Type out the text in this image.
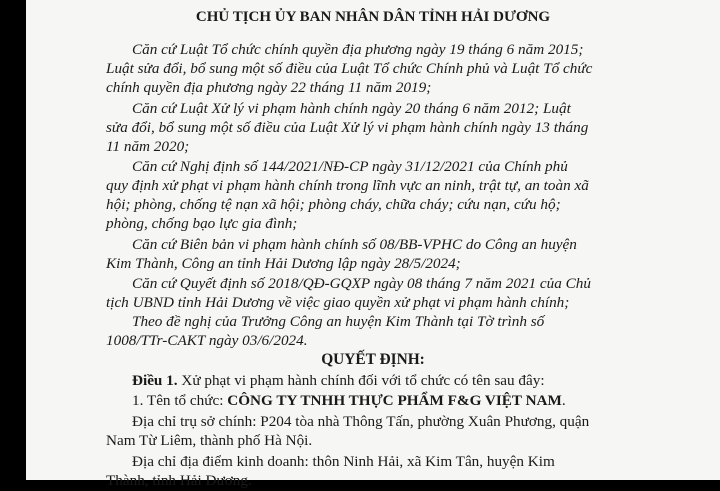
CHỦ TỊCH ỦY BAN NHÂN DÂN TỈNH HẢI DƯƠNG
Căn cứ Luật Tổ chức chính quyền địa phương ngày 19 tháng 6 năm 2015;
Luật sửa đổi, bổ sung một số điều của Luật Tổ chức Chính phủ và Luật Tổ chức
chính quyền địa phương ngày 22 tháng 11 năm 2019;
Căn cứ Luật Xử lý vi phạm hành chính ngày 20 tháng 6 năm 2012; Luật
sửa đổi, bổ sung một số điều của Luật Xử lý vi phạm hành chính ngày 13 tháng
11 năm 2020;
Căn cứ Nghị định số 144/2021/NĐ-CP ngày 31/12/2021 của Chính phủ
quy định xử phạt vi phạm hành chính trong lĩnh vực an ninh, trật tự, an toàn xã
hội; phòng, chống tệ nạn xã hội; phòng cháy, chữa cháy; cứu nạn, cứu hộ;
phòng, chống bạo lực gia đình;
Căn cứ Biên bản vi phạm hành chính số 08/BB-VPHC do Công an huyện
Kim Thành, Công an tỉnh Hải Dương lập ngày 28/5/2024;
Căn cứ Quyết định số 2018/QĐ-GQXP ngày 08 tháng 7 năm 2021 của Chủ
tịch UBND tỉnh Hải Dương về việc giao quyền xử phạt vi phạm hành chính;
Theo đề nghị của Trưởng Công an huyện Kim Thành tại Tờ trình số
1008/TTr-CAKT ngày 03/6/2024.
QUYẾT ĐỊNH:
Điều 1. Xử phạt vi phạm hành chính đối với tổ chức có tên sau đây:
1. Tên tổ chức: CÔNG TY TNHH THỰC PHẨM F&G VIỆT NAM.
Địa chỉ trụ sở chính: P204 tòa nhà Thông Tấn, phường Xuân Phương, quận
Nam Từ Liêm, thành phố Hà Nội.
Địa chỉ địa điểm kinh doanh: thôn Ninh Hải, xã Kim Tân, huyện Kim
Thành, tỉnh Hải Dương.
